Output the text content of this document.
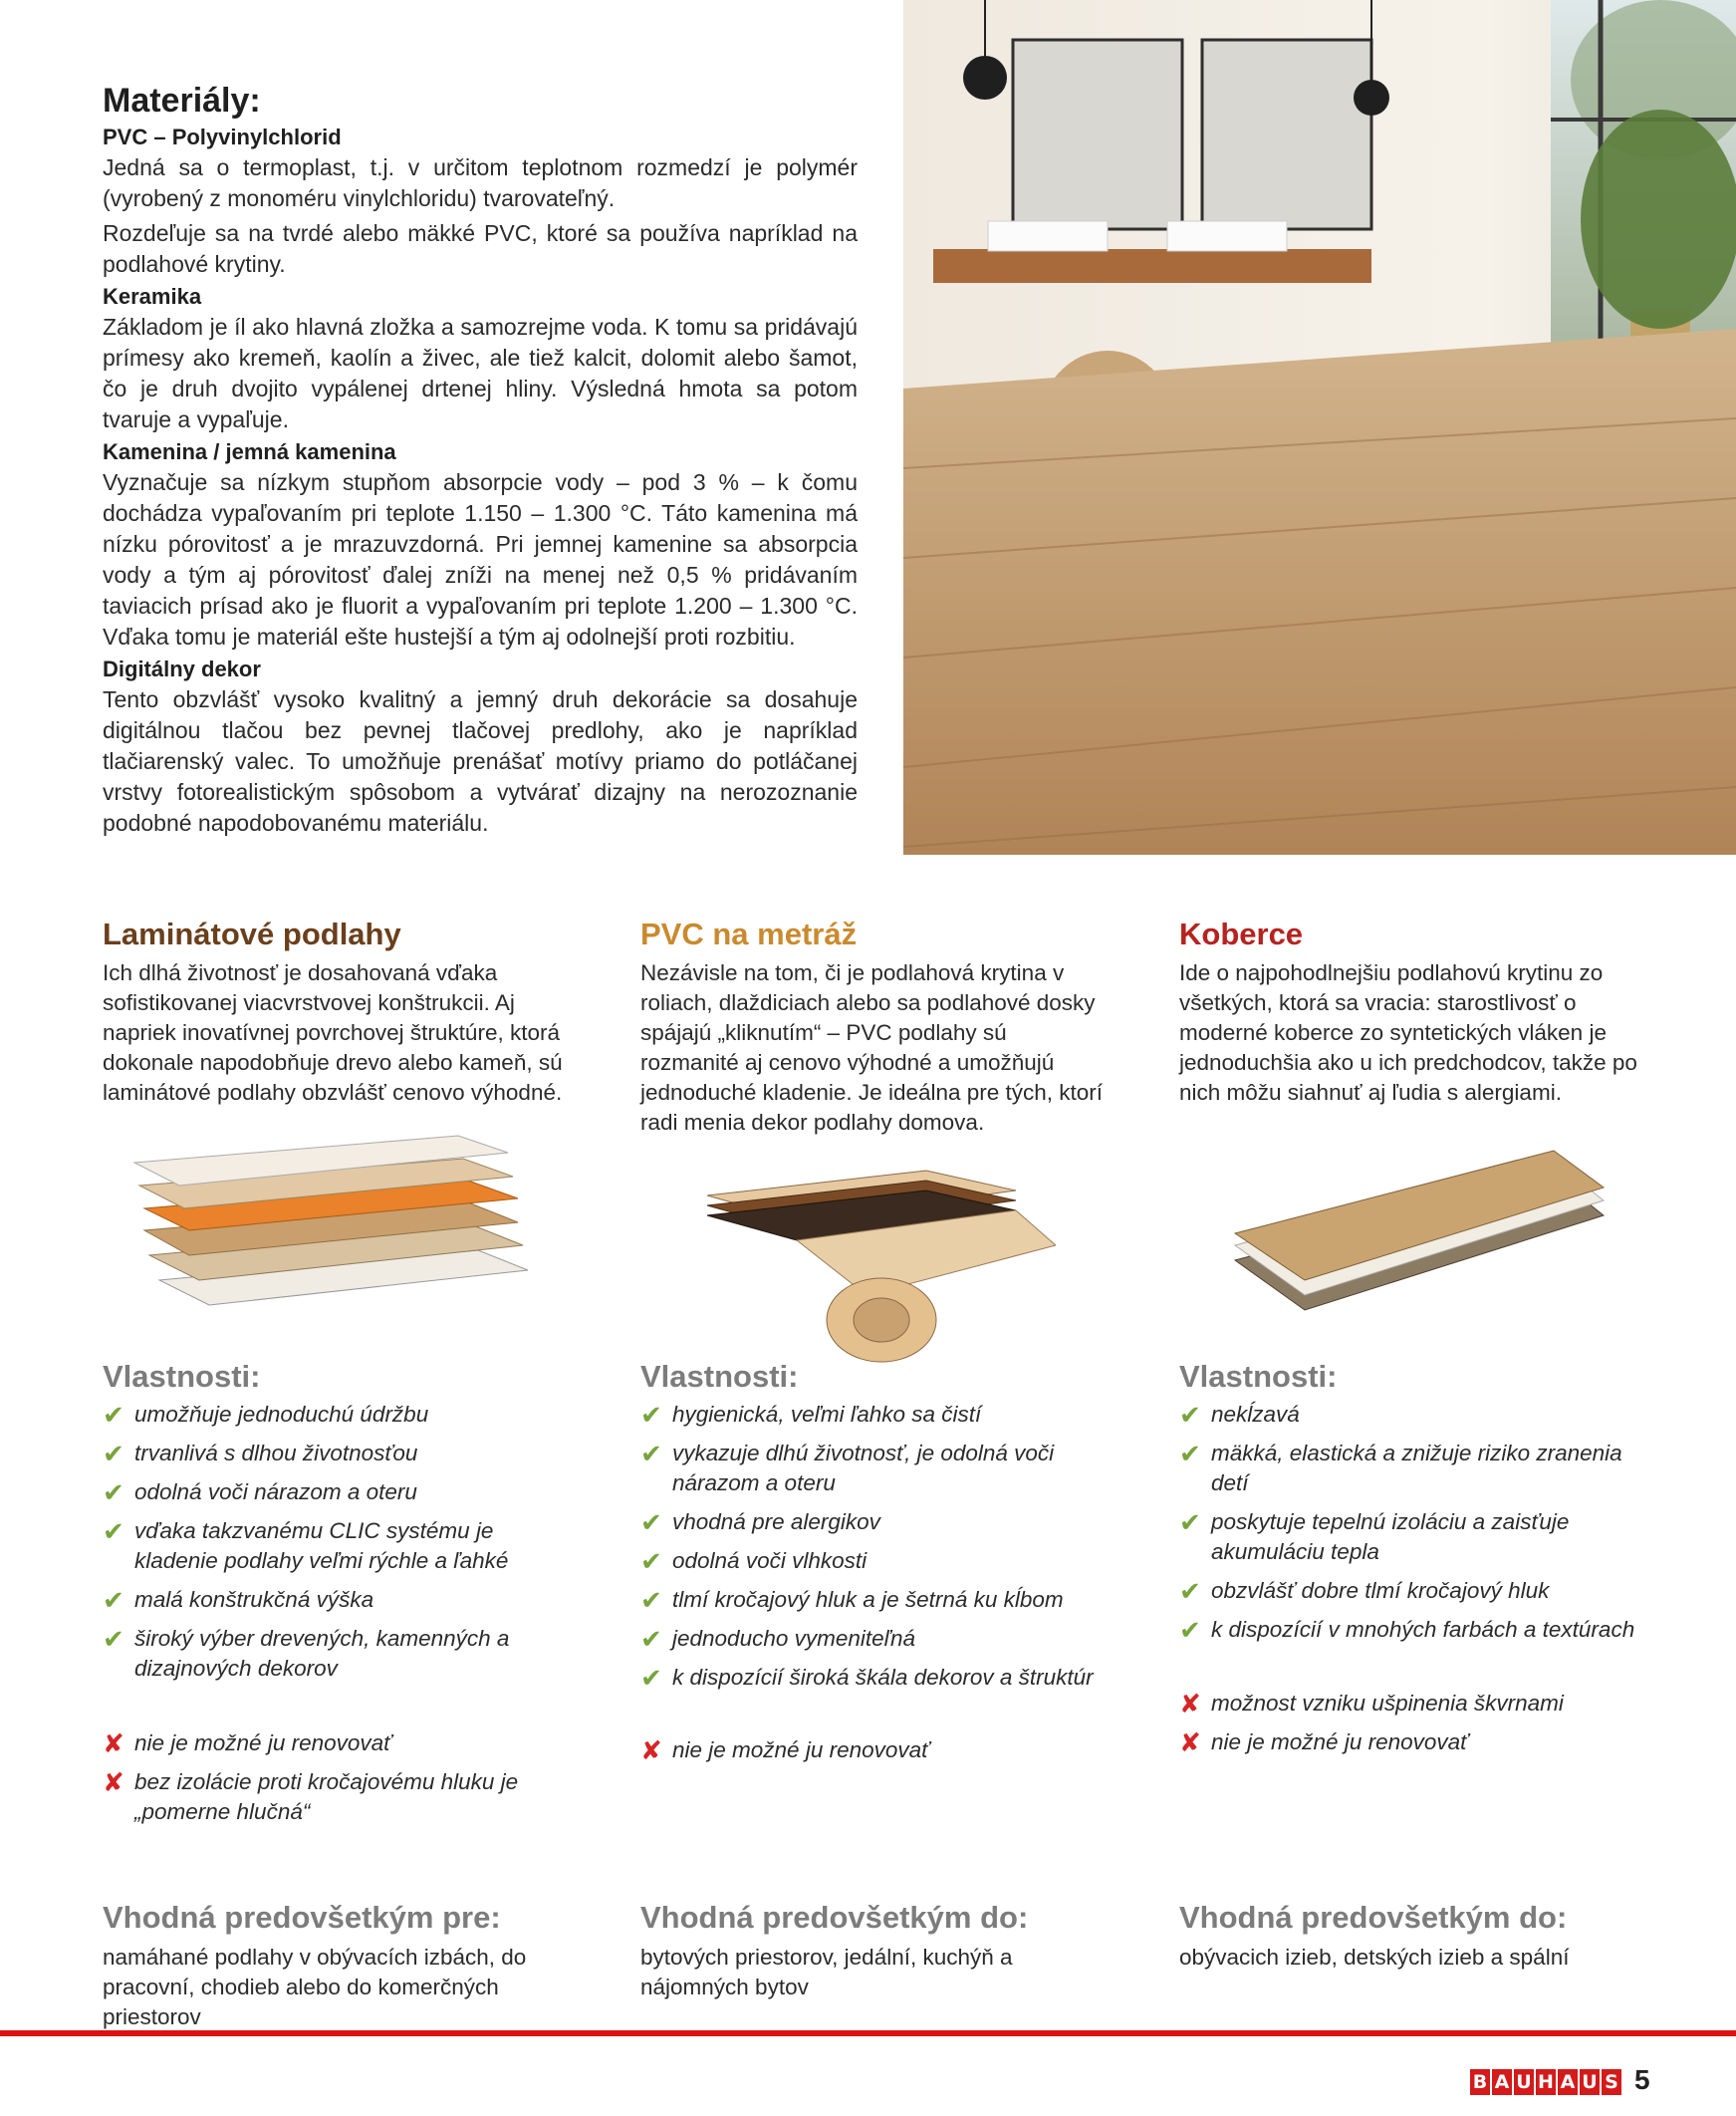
Materiály:
PVC – Polyvinylchlorid

Jedná sa o termoplast, t.j. v určitom teplotnom rozmedzí je polymér (vyrobený z monoméru vinylchloridu) tvarovateľný.

Rozdeľuje sa na tvrdé alebo mäkké PVC, ktoré sa používa napríklad na podlahové krytiny.

Keramika

Základom je íl ako hlavná zložka a samozrejme voda. K tomu sa pridávajú prímesy ako kremeň, kaolín a živec, ale tiež kalcit, dolomit alebo šamot, čo je druh dvojito vypálenej drtenej hliny. Výsledná hmota sa potom tvaruje a vypaľuje.

Kamenina / jemná kamenina

Vyznačuje sa nízkym stupňom absorpcie vody – pod 3 % – k čomu dochádza vypaľovaním pri teplote 1.150 – 1.300 °C. Táto kamenina má nízku pórovitosť a je mrazuvzdorná. Pri jemnej kamenine sa absorpcia vody a tým aj pórovitosť ďalej zníži na menej než 0,5 % pridávaním taviacich prísad ako je fluorit a vypaľovaním pri teplote 1.200 – 1.300 °C. Vďaka tomu je materiál ešte hustejší a tým aj odolnejší proti rozbitiu.

Digitálny dekor

Tento obzvlášť vysoko kvalitný a jemný druh dekorácie sa dosahuje digitálnou tlačou bez pevnej tlačovej predlohy, ako je napríklad tlačiarenský valec. To umožňuje prenášať motívy priamo do potláčanej vrstvy fotorealistickým spôsobom a vytvárať dizajny na nerozoznanie podobné napodobovanému materiálu.

Laminátové podlahy

Ich dlhá životnosť je dosahovaná vďaka sofistikovanej viacvrstvovej konštrukcii. Aj napriek inovatívnej povrchovej štruktúre, ktorá dokonale napodobňuje drevo alebo kameň, sú laminátové podlahy obzvlášť cenovo výhodné.

Vlastnosti:
✔ umožňuje jednoduchú údržbu
✔ trvanlivá s dlhou životnosťou
✔ odolná voči nárazom a oteru
✔ vďaka takzvanému CLIC systému je kladenie podlahy veľmi rýchle a ľahké
✔ malá konštrukčná výška
✔ široký výber drevených, kamenných a dizajnových dekorov
✘ nie je možné ju renovovať
✘ bez izolácie proti kročajovému hluku je „pomerne hlučná“
Vhodná predovšetkým pre:

namáhané podlahy v obývacích izbách, do pracovní, chodieb alebo do komerčných priestorov

PVC na metráž

Nezávisle na tom, či je podlahová krytina v roliach, dlaždiciach alebo sa podlahové dosky spájajú „kliknutím“ – PVC podlahy sú rozmanité aj cenovo výhodné a umožňujú jednoduché kladenie. Je ideálna pre tých, ktorí radi menia dekor podlahy domova.

Vlastnosti:
✔ hygienická, veľmi ľahko sa čistí
✔ vykazuje dlhú životnosť, je odolná voči nárazom a oteru
✔ vhodná pre alergikov
✔ odolná voči vlhkosti
✔ tlmí kročajový hluk a je šetrná ku kĺbom
✔ jednoducho vymeniteľná
✔ k dispozícií široká škála dekorov a štruktúr
✘ nie je možné ju renovovať
Vhodná predovšetkým do:

bytových priestorov, jedální, kuchýň a nájomných bytov

Koberce

Ide o najpohodlnejšiu podlahovú krytinu zo všetkých, ktorá sa vracia: starostlivosť o moderné koberce zo syntetických vláken je jednoduchšia ako u ich predchodcov, takže po nich môžu siahnuť aj ľudia s alergiami.

Vlastnosti:
✔ nekĺzavá
✔ mäkká, elastická a znižuje riziko zranenia detí
✔ poskytuje tepelnú izoláciu a zaisťuje akumuláciu tepla
✔ obzvlášť dobre tlmí kročajový hluk
✔ k dispozícií v mnohých farbách a textúrach
✘ možnost vzniku ušpinenia škvrnami
✘ nie je možné ju renovovať
Vhodná predovšetkým do:

obývacich izieb, detských izieb a spální

B A U H A U S 5
